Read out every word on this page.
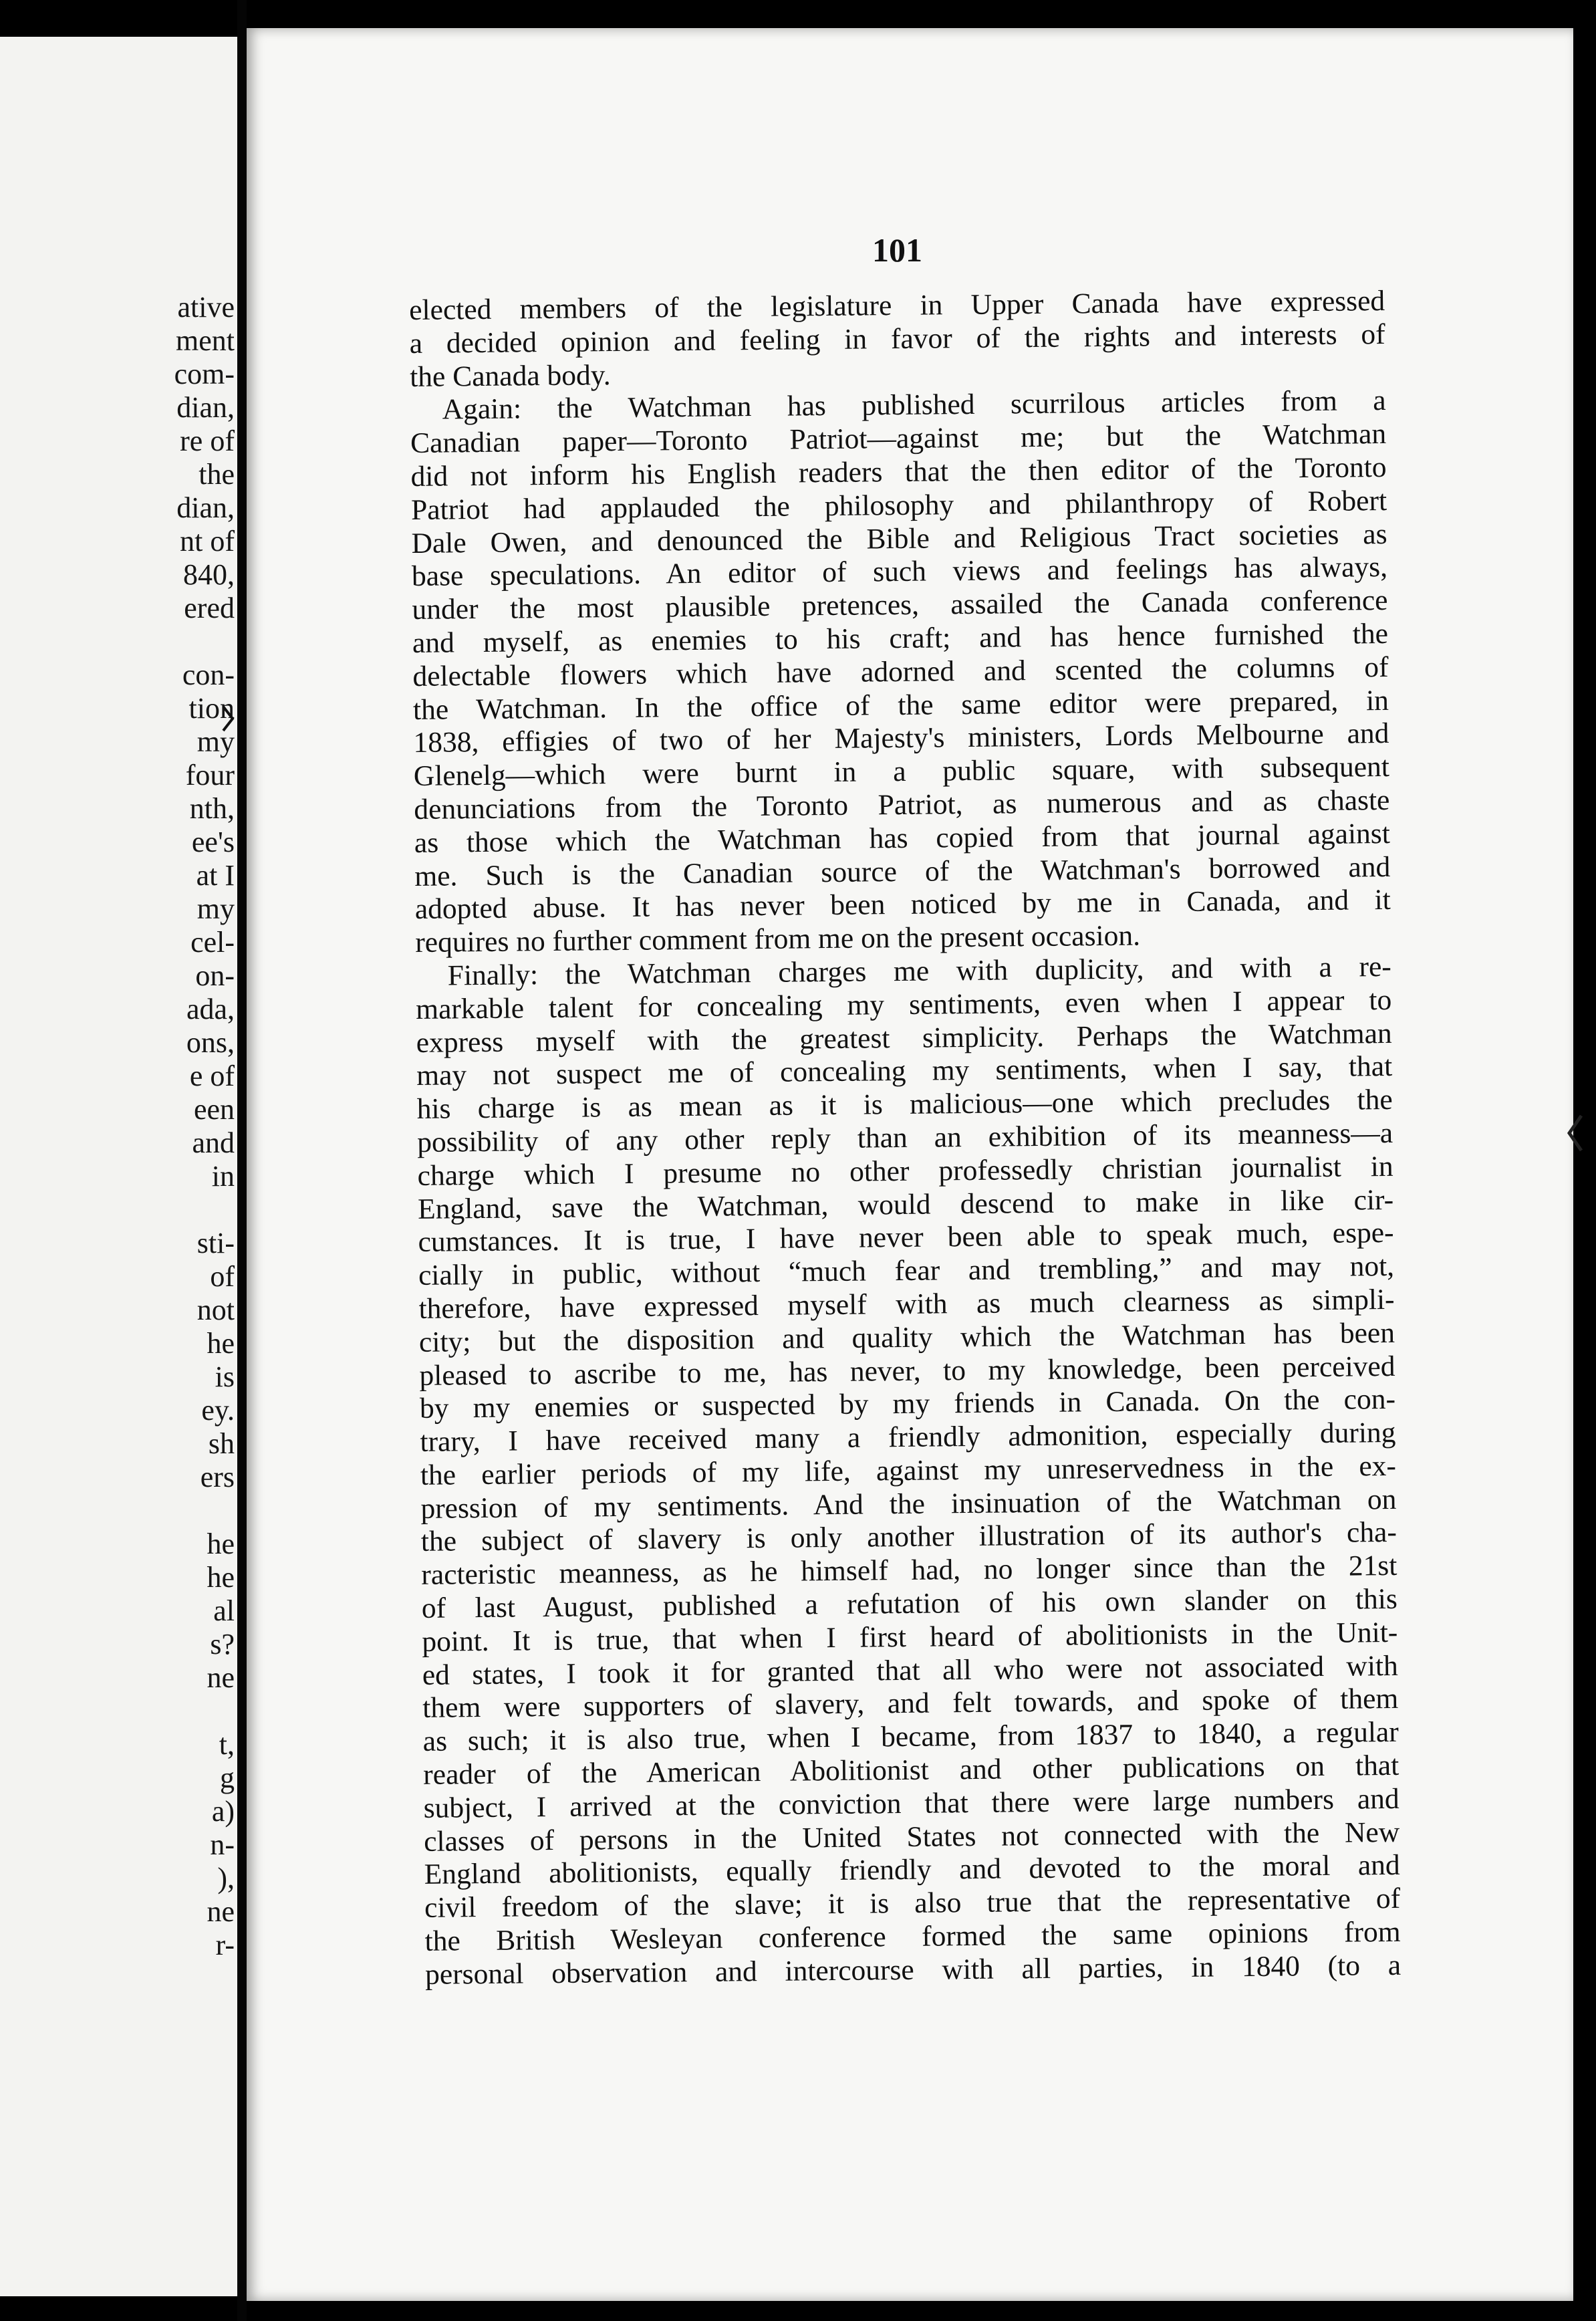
ative
ment
com-
dian,
re of
the
dian,
nt of
840,
ered
con-
tion
my
four
nth,
ee's
at I
my
cel-
on-
ada,
ons,
e of
een
and
in
sti-
of
not
he
is
ey.
sh
ers
he
he
al
s?
ne
t,
g
a)
n-
),
ne
r-
101
elected members of the legislature in Upper Canada have expressed
a decided opinion and feeling in favor of the rights and interests of
the Canada body.
Again: the Watchman has published scurrilous articles from a
Canadian paper—Toronto Patriot—against me; but the Watchman
did not inform his English readers that the then editor of the Toronto
Patriot had applauded the philosophy and philanthropy of Robert
Dale Owen, and denounced the Bible and Religious Tract societies as
base speculations. An editor of such views and feelings has always,
under the most plausible pretences, assailed the Canada conference
and myself, as enemies to his craft; and has hence furnished the
delectable flowers which have adorned and scented the columns of
the Watchman. In the office of the same editor were prepared, in
1838, effigies of two of her Majesty's ministers, Lords Melbourne and
Glenelg—which were burnt in a public square, with subsequent
denunciations from the Toronto Patriot, as numerous and as chaste
as those which the Watchman has copied from that journal against
me. Such is the Canadian source of the Watchman's borrowed and
adopted abuse. It has never been noticed by me in Canada, and it
requires no further comment from me on the present occasion.
Finally: the Watchman charges me with duplicity, and with a re-
markable talent for concealing my sentiments, even when I appear to
express myself with the greatest simplicity. Perhaps the Watchman
may not suspect me of concealing my sentiments, when I say, that
his charge is as mean as it is malicious—one which precludes the
possibility of any other reply than an exhibition of its meanness—a
charge which I presume no other professedly christian journalist in
England, save the Watchman, would descend to make in like cir-
cumstances. It is true, I have never been able to speak much, espe-
cially in public, without “much fear and trembling,” and may not,
therefore, have expressed myself with as much clearness as simpli-
city; but the disposition and quality which the Watchman has been
pleased to ascribe to me, has never, to my knowledge, been perceived
by my enemies or suspected by my friends in Canada. On the con-
trary, I have received many a friendly admonition, especially during
the earlier periods of my life, against my unreservedness in the ex-
pression of my sentiments. And the insinuation of the Watchman on
the subject of slavery is only another illustration of its author's cha-
racteristic meanness, as he himself had, no longer since than the 21st
of last August, published a refutation of his own slander on this
point. It is true, that when I first heard of abolitionists in the Unit-
ed states, I took it for granted that all who were not associated with
them were supporters of slavery, and felt towards, and spoke of them
as such; it is also true, when I became, from 1837 to 1840, a regular
reader of the American Abolitionist and other publications on that
subject, I arrived at the conviction that there were large numbers and
classes of persons in the United States not connected with the New
England abolitionists, equally friendly and devoted to the moral and
civil freedom of the slave; it is also true that the representative of
the British Wesleyan conference formed the same opinions from
personal observation and intercourse with all parties, in 1840 (to a
